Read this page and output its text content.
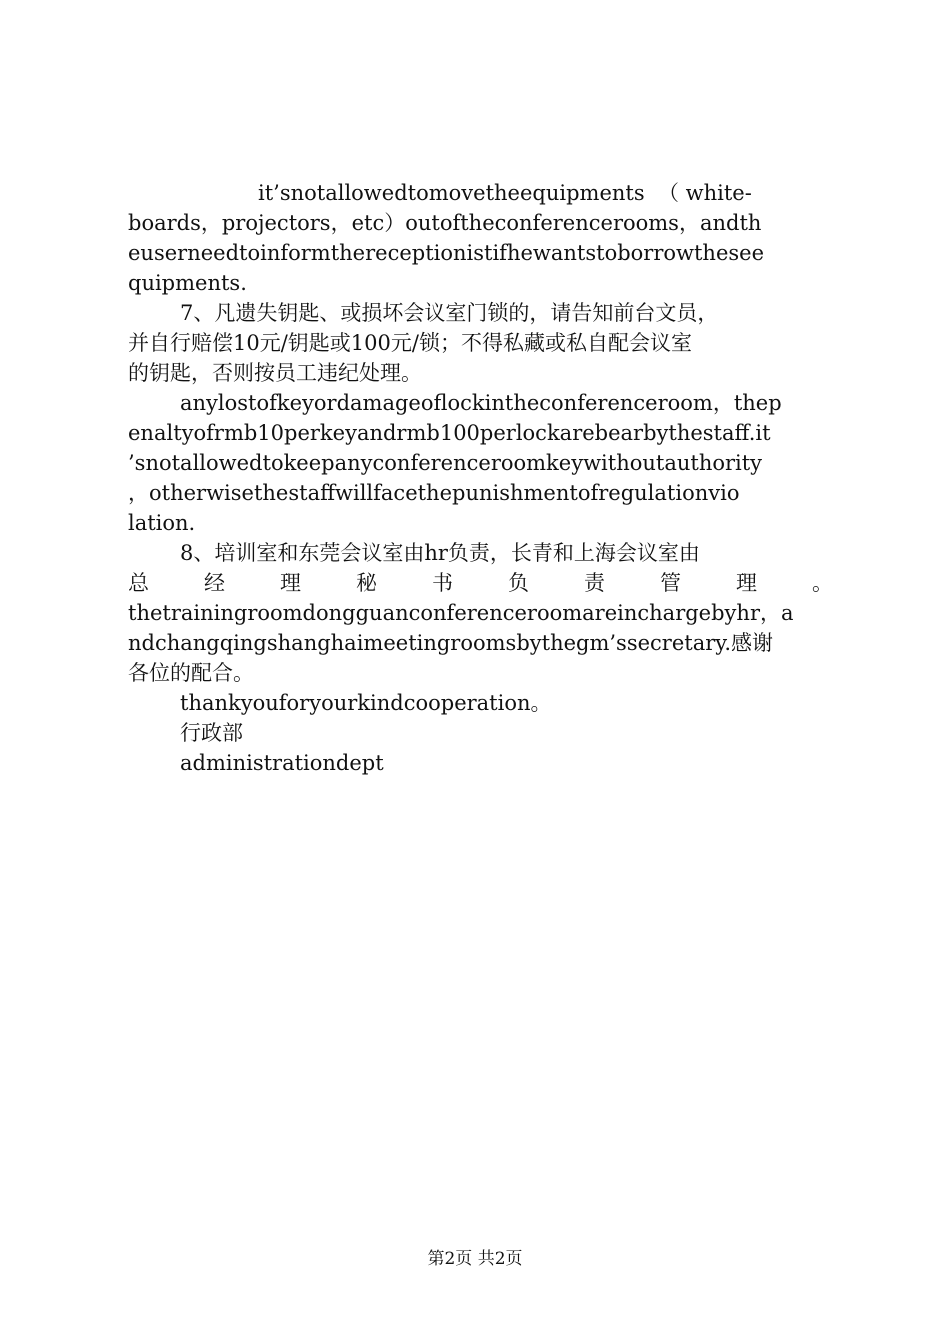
it’snotallowedtomovetheequipments  （ white-
boards，projectors，etc）outoftheconferencerooms，andth
euserneedtoinformthereceptionistifhewantstoborrowthesee
quipments.
7、凡遗失钥匙、或损坏会议室门锁的，请告知前台文员，
并自行赔偿10元/钥匙或100元/锁；不得私藏或私自配会议室
的钥匙，否则按员工违纪处理。
anylostofkeyordamageoflockintheconferenceroom，thep
enaltyofrmb10perkeyandrmb100perlockarebearbythestaff.it
’snotallowedtokeepanyconferenceroomkeywithoutauthority
，otherwisethestaffwillfacethepunishmentofregulationvio
lation.
8、培训室和东莞会议室由hr负责，长青和上海会议室由
总	经	理	秘	书	负	责	管	理	。
thetrainingroomdongguanconferenceroomareinchargebyhr，a
ndchangqingshanghaimeetingroomsbythegm’ssecretary.感谢
各位的配合。
thankyouforyourkindcooperation。
行政部
administrationdept
第2页 共2页
